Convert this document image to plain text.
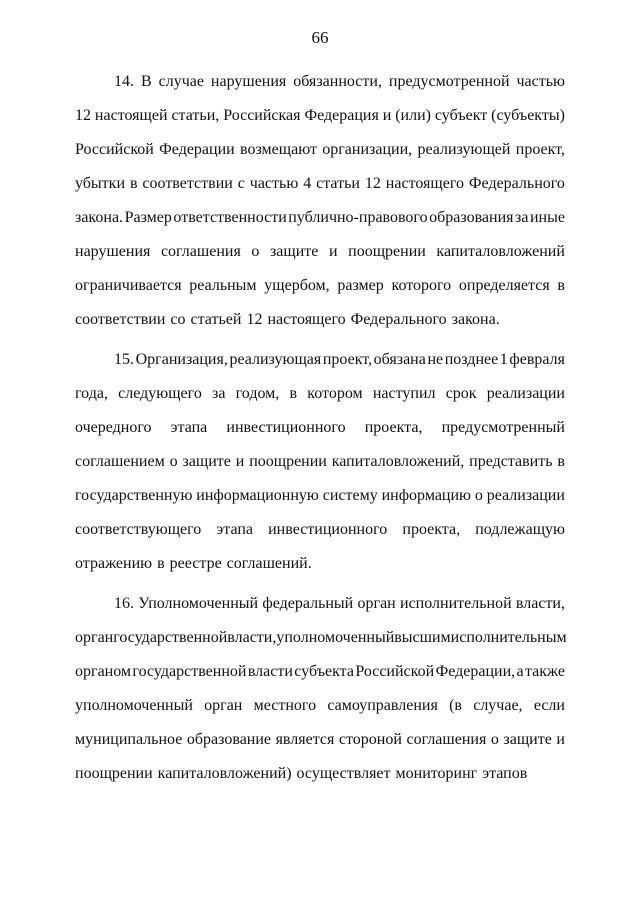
66
14. В случае нарушения обязанности, предусмотренной частью
12 настоящей статьи, Российская Федерация и (или) субъект (субъекты)
Российской Федерации возмещают организации, реализующей проект,
убытки в соответствии с частью 4 статьи 12 настоящего Федерального
закона. Размер ответственности публично-правового образования за иные
нарушения соглашения о защите и поощрении капиталовложений
ограничивается реальным ущербом, размер которого определяется в
соответствии со статьей 12 настоящего Федерального закона.
15. Организация, реализующая проект, обязана не позднее 1 февраля
года, следующего за годом, в котором наступил срок реализации
очередного этапа инвестиционного проекта, предусмотренный
соглашением о защите и поощрении капиталовложений, представить в
государственную информационную систему информацию о реализации
соответствующего этапа инвестиционного проекта, подлежащую
отражению в реестре соглашений.
16. Уполномоченный федеральный орган исполнительной власти,
орган государственной власти, уполномоченный высшим исполнительным
органом государственной власти субъекта Российской Федерации, а также
уполномоченный орган местного самоуправления (в случае, если
муниципальное образование является стороной соглашения о защите и
поощрении капиталовложений) осуществляет мониторинг этапов
